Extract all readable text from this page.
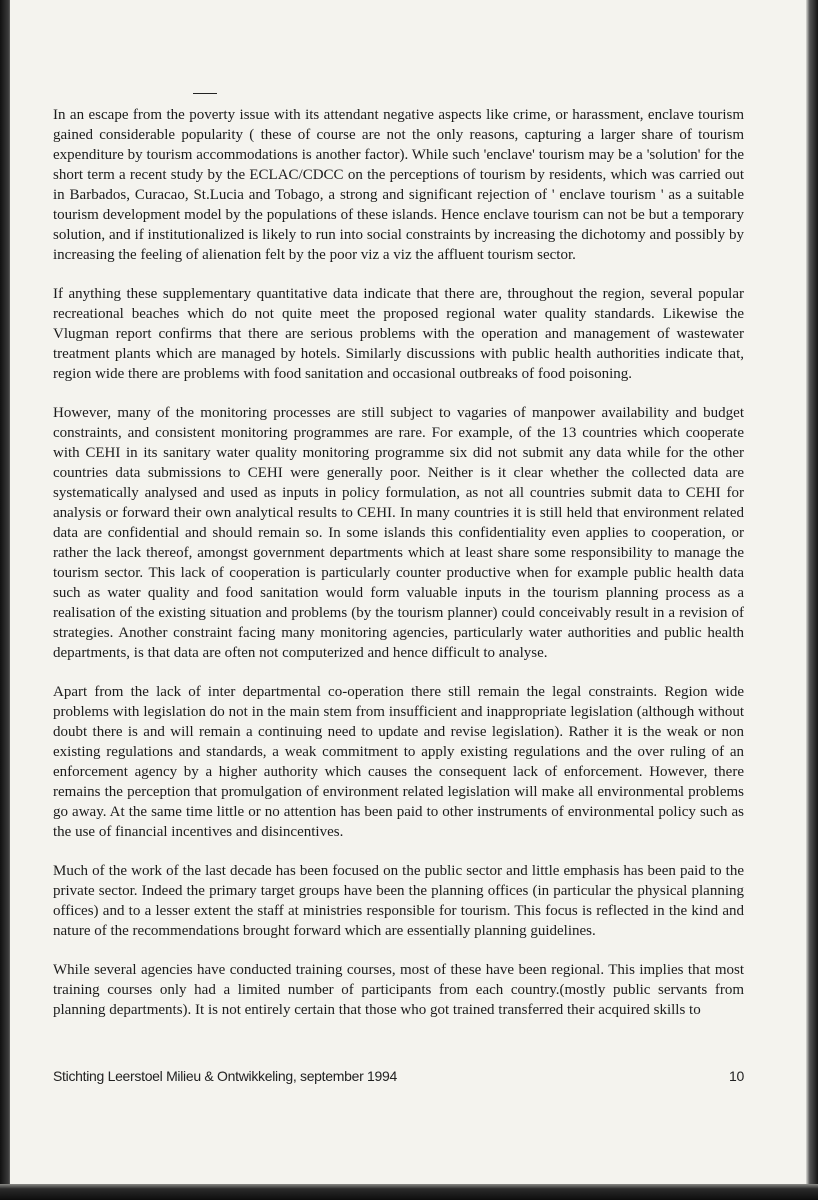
In an escape from the poverty issue with its attendant negative aspects like crime, or harassment, enclave tourism gained considerable popularity ( these of course are not the only reasons, capturing a larger share of tourism expenditure by tourism accommodations is another factor). While such 'enclave' tourism may be a 'solution' for the short term a recent study by the ECLAC/CDCC on the perceptions of tourism by residents, which was carried out in Barbados, Curacao, St.Lucia and Tobago, a strong and significant rejection of ' enclave tourism ' as a suitable tourism development model by the populations of these islands. Hence enclave tourism can not be but a temporary solution, and if institutionalized is likely to run into social constraints by increasing the dichotomy and possibly by increasing the feeling of alienation felt by the poor viz a viz the affluent tourism sector.

If anything these supplementary quantitative data indicate that there are, throughout the region, several popular recreational beaches which do not quite meet the proposed regional water quality standards. Likewise the Vlugman report confirms that there are serious problems with the operation and management of wastewater treatment plants which are managed by hotels. Similarly discussions with public health authorities indicate that, region wide there are problems with food sanitation and occasional outbreaks of food poisoning.

However, many of the monitoring processes are still subject to vagaries of manpower availability and budget constraints, and consistent monitoring programmes are rare. For example, of the 13 countries which cooperate with CEHI in its sanitary water quality monitoring programme six did not submit any data while for the other countries data submissions to CEHI were generally poor. Neither is it clear whether the collected data are systematically analysed and used as inputs in policy formulation, as not all countries submit data to CEHI for analysis or forward their own analytical results to CEHI. In many countries it is still held that environment related data are confidential and should remain so. In some islands this confidentiality even applies to cooperation, or rather the lack thereof, amongst government departments which at least share some responsibility to manage the tourism sector. This lack of cooperation is particularly counter productive when for example public health data such as water quality and food sanitation would form valuable inputs in the tourism planning process as a realisation of the existing situation and problems (by the tourism planner) could conceivably result in a revision of strategies. Another constraint facing many monitoring agencies, particularly water authorities and public health departments, is that data are often not computerized and hence difficult to analyse.

Apart from the lack of inter departmental co-operation there still remain the legal constraints. Region wide problems with legislation do not in the main stem from insufficient and inappropriate legislation (although without doubt there is and will remain a continuing need to update and revise legislation). Rather it is the weak or non existing regulations and standards, a weak commitment to apply existing regulations and the over ruling of an enforcement agency by a higher authority which causes the consequent lack of enforcement. However, there remains the perception that promulgation of environment related legislation will make all environmental problems go away. At the same time little or no attention has been paid to other instruments of environmental policy such as the use of financial incentives and disincentives.

Much of the work of the last decade has been focused on the public sector and little emphasis has been paid to the private sector. Indeed the primary target groups have been the planning offices (in particular the physical planning offices) and to a lesser extent the staff at ministries responsible for tourism. This focus is reflected in the kind and nature of the recommendations brought forward which are essentially planning guidelines.

While several agencies have conducted training courses, most of these have been regional. This implies that most training courses only had a limited number of participants from each country.(mostly public servants from planning departments). It is not entirely certain that those who got trained transferred their acquired skills to

Stichting Leerstoel Milieu & Ontwikkeling, september 1994	10
